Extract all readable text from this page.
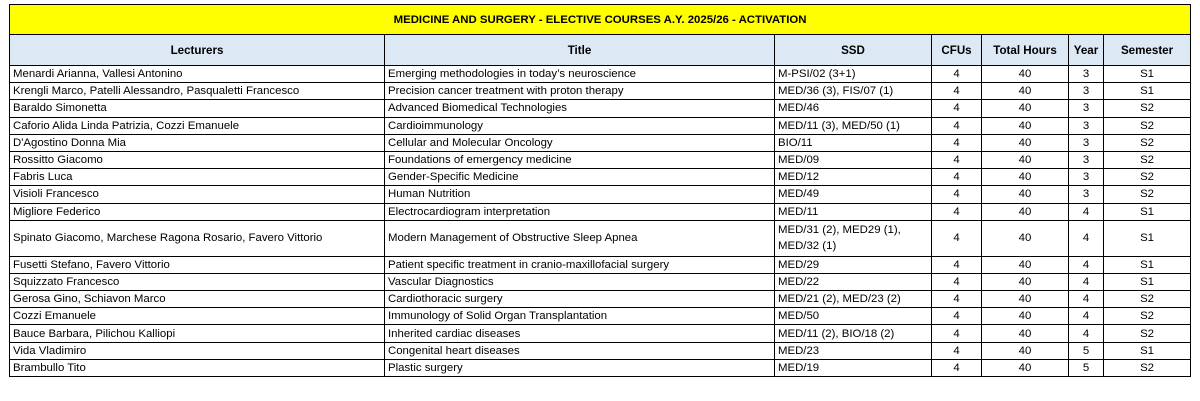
MEDICINE AND SURGERY - ELECTIVE COURSES A.Y. 2025/26 - ACTIVATION						
Lecturers	Title	SSD	CFUs	Total Hours	Year	Semester
Menardi Arianna, Vallesi Antonino	Emerging methodologies in today’s neuroscience	M-PSI/02 (3+1)	4	40	3	S1
Krengli Marco, Patelli Alessandro, Pasqualetti Francesco	Precision cancer treatment with proton therapy	MED/36 (3), FIS/07 (1)	4	40	3	S1
Baraldo Simonetta	Advanced Biomedical Technologies	MED/46	4	40	3	S2
Caforio Alida Linda Patrizia, Cozzi Emanuele	Cardioimmunology	MED/11 (3), MED/50 (1)	4	40	3	S2
D'Agostino Donna Mia	Cellular and Molecular Oncology	BIO/11	4	40	3	S2
Rossitto Giacomo	Foundations of emergency medicine	MED/09	4	40	3	S2
Fabris Luca	Gender-Specific Medicine	MED/12	4	40	3	S2
Visioli Francesco	Human Nutrition	MED/49	4	40	3	S2
Migliore Federico	Electrocardiogram interpretation	MED/11	4	40	4	S1
Spinato Giacomo, Marchese Ragona Rosario, Favero Vittorio	Modern Management of Obstructive Sleep Apnea	MED/31 (2), MED29 (1), MED/32 (1)	4	40	4	S1
Fusetti Stefano, Favero Vittorio	Patient specific treatment in cranio-maxillofacial surgery	MED/29	4	40	4	S1
Squizzato Francesco	Vascular Diagnostics	MED/22	4	40	4	S1
Gerosa Gino, Schiavon Marco	Cardiothoracic surgery	MED/21 (2), MED/23 (2)	4	40	4	S2
Cozzi Emanuele	Immunology of Solid Organ Transplantation	MED/50	4	40	4	S2
Bauce Barbara, Pilichou Kalliopi	Inherited cardiac diseases	MED/11 (2), BIO/18 (2)	4	40	4	S2
Vida Vladimiro	Congenital heart diseases	MED/23	4	40	5	S1
Brambullo Tito	Plastic surgery	MED/19	4	40	5	S2
